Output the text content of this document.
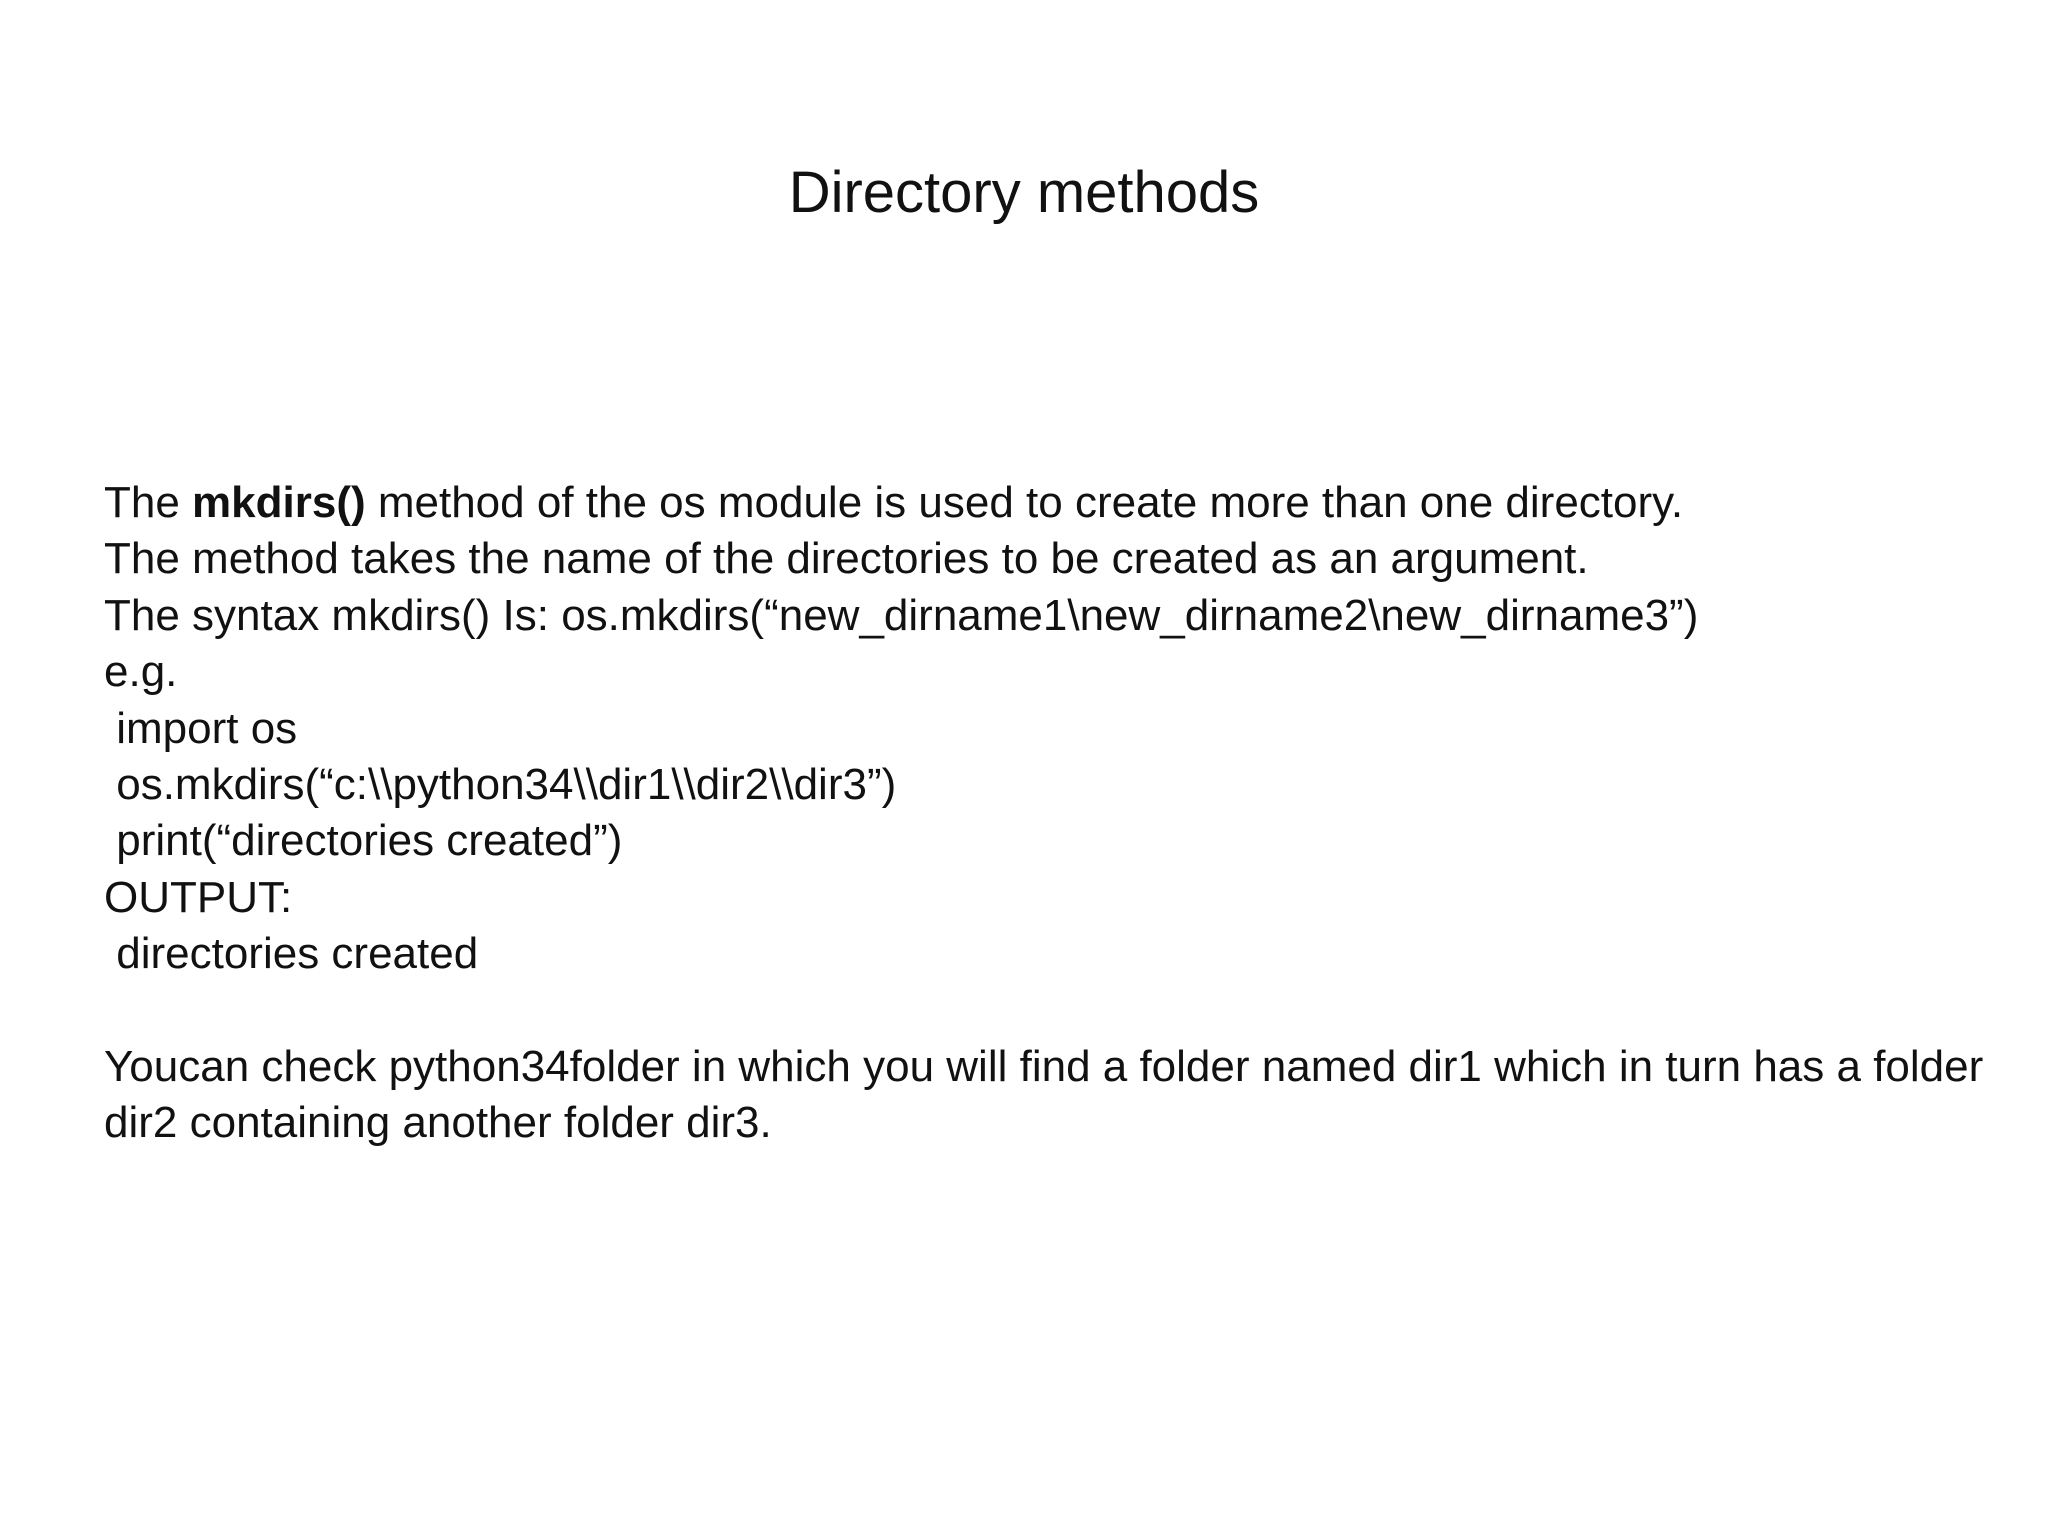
Directory methods
The mkdirs() method of the os module is used to create more than one directory.
The method takes the name of the directories to be created as an argument.
The syntax mkdirs() Is: os.mkdirs(“new_dirname1\new_dirname2\new_dirname3”)
e.g.
import os
os.mkdirs(“c:\\python34\\dir1\\dir2\\dir3”)
print(“directories created”)
OUTPUT:
directories created
Youcan check python34folder in which you will find a folder named dir1 which in turn has a folder dir2 containing another folder dir3.
